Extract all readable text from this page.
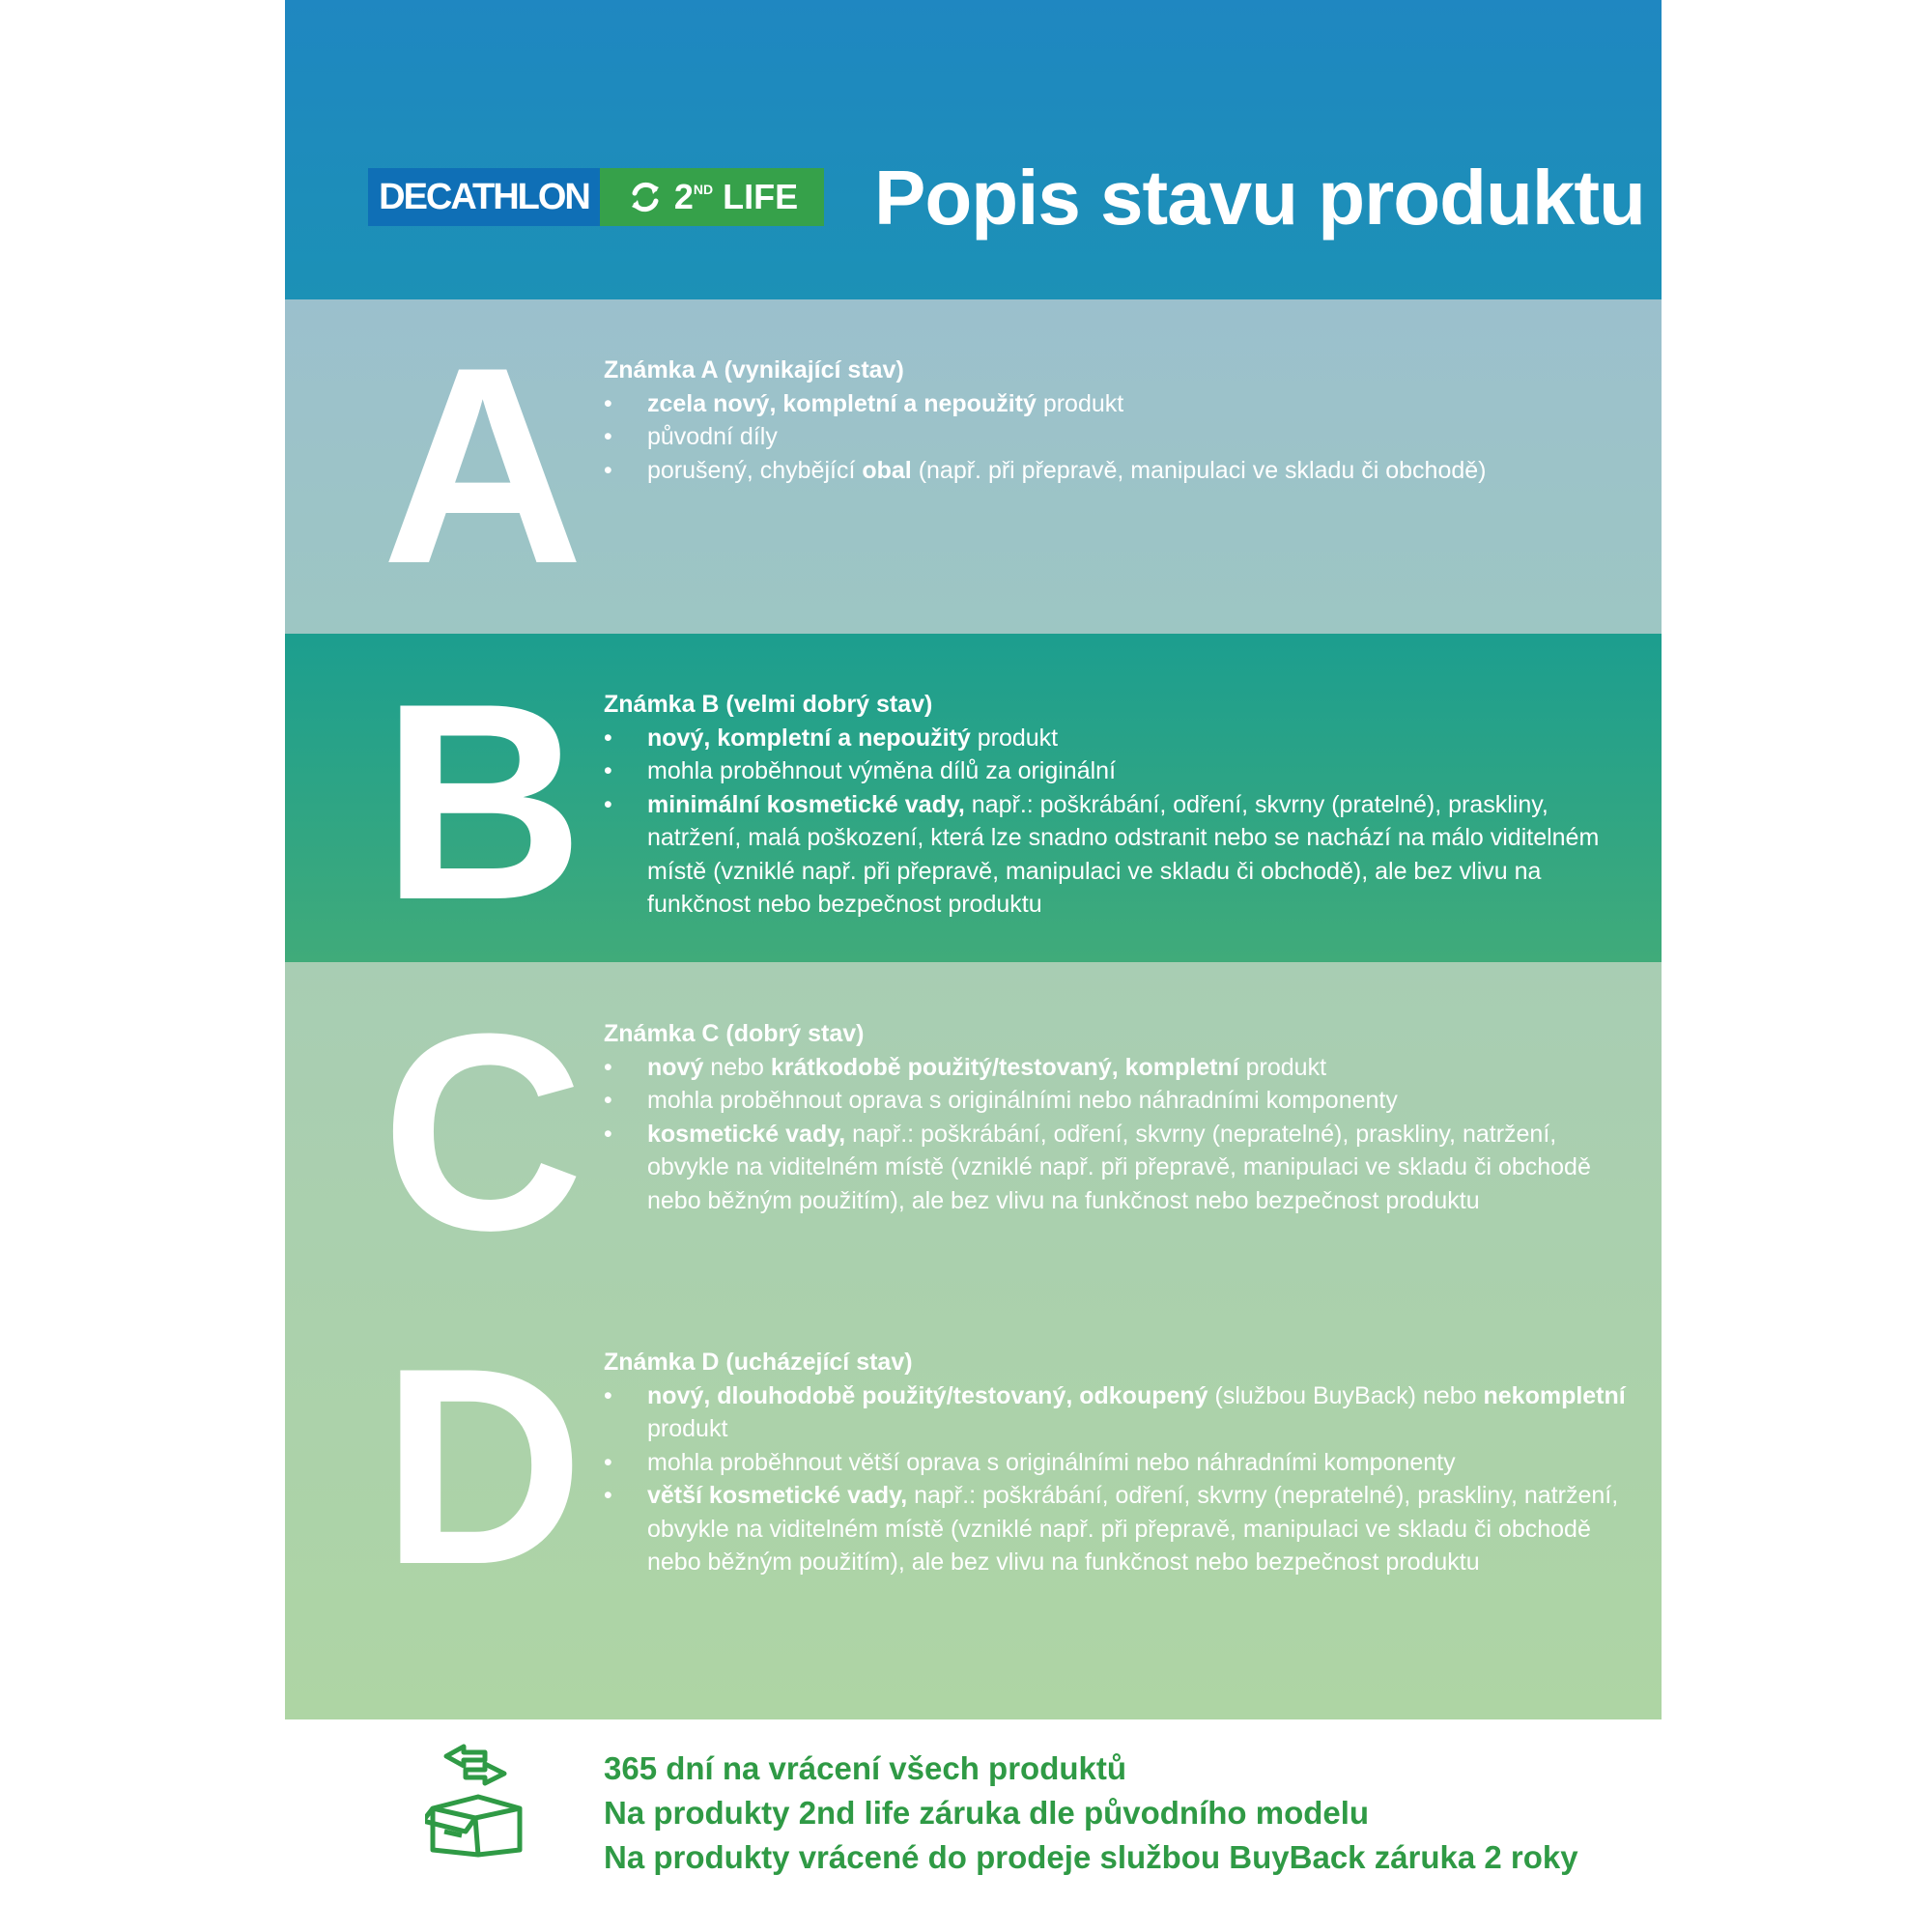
DECATHLON	2ND LIFE Popis stavu produktu
A Známka A (vynikající stav)

• zcela nový, kompletní a nepoužitý produkt
• původní díly
• porušený, chybějící obal (např. při přepravě, manipulaci ve skladu či obchodě)
B Známka B (velmi dobrý stav)

• nový, kompletní a nepoužitý produkt
• mohla proběhnout výměna dílů za originální
• minimální kosmetické vady, např.: poškrábání, odření, skvrny (pratelné), praskliny, natržení, malá poškození, která lze snadno odstranit nebo se nachází na málo viditelném místě (vzniklé např. při přepravě, manipulaci ve skladu či obchodě), ale bez vlivu na funkčnost nebo bezpečnost produktu
C Známka C (dobrý stav)

• nový nebo krátkodobě použitý/testovaný, kompletní produkt
• mohla proběhnout oprava s originálními nebo náhradními komponenty
• kosmetické vady, např.: poškrábání, odření, skvrny (nepratelné), praskliny, natržení, obvykle na viditelném místě (vzniklé např. při přepravě, manipulaci ve skladu či obchodě nebo běžným použitím), ale bez vlivu na funkčnost nebo bezpečnost produktu
D Známka D (ucházející stav)

• nový, dlouhodobě použitý/testovaný, odkoupený (službou BuyBack) nebo nekompletní produkt
• mohla proběhnout větší oprava s originálními nebo náhradními komponenty
• větší kosmetické vady, např.: poškrábání, odření, skvrny (nepratelné), praskliny, natržení, obvykle na viditelném místě (vzniklé např. při přepravě, manipulaci ve skladu či obchodě nebo běžným použitím), ale bez vlivu na funkčnost nebo bezpečnost produktu
365 dní na vrácení všech produktů
Na produkty 2nd life záruka dle původního modelu
Na produkty vrácené do prodeje službou BuyBack záruka 2 roky
